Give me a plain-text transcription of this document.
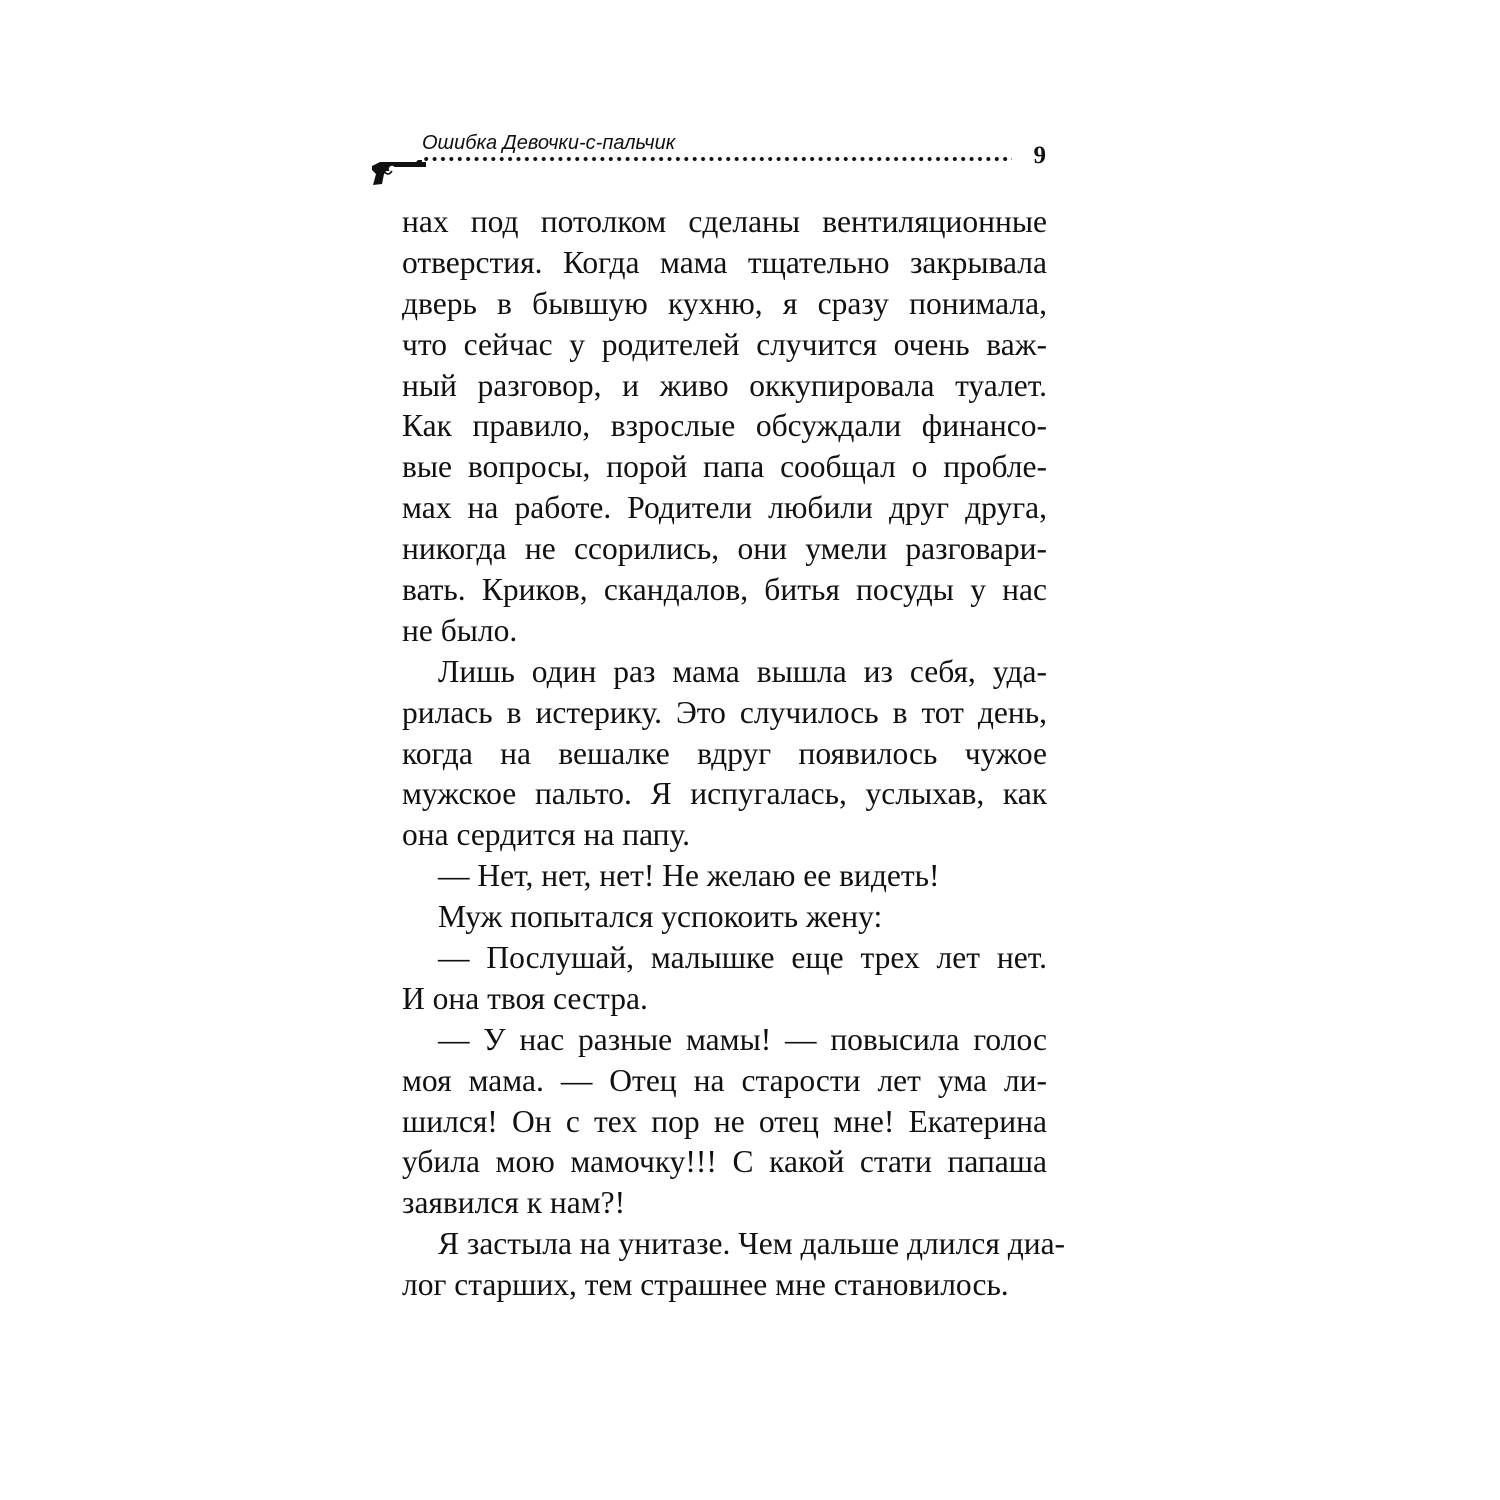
Ошибка Девочки-с-пальчик	9
нах под потолком сделаны вентиляционные
отверстия. Когда мама тщательно закрывала
дверь в бывшую кухню, я сразу понимала,
что сейчас у родителей случится очень важ-
ный разговор, и живо оккупировала туалет.
Как правило, взрослые обсуждали финансо-
вые вопросы, порой папа сообщал о пробле-
мах на работе. Родители любили друг друга,
никогда не ссорились, они умели разговари-
вать. Криков, скандалов, битья посуды у нас
не было.
Лишь один раз мама вышла из себя, уда-
рилась в истерику. Это случилось в тот день,
когда на вешалке вдруг появилось чужое
мужское пальто. Я испугалась, услыхав, как
она сердится на папу.
— Нет, нет, нет! Не желаю ее видеть!
Муж попытался успокоить жену:
— Послушай, малышке еще трех лет нет.
И она твоя сестра.
— У нас разные мамы! — повысила голос
моя мама. — Отец на старости лет ума ли-
шился! Он с тех пор не отец мне! Екатерина
убила мою мамочку!!! С какой стати папаша
заявился к нам?!
Я застыла на унитазе. Чем дальше длился диа-
лог старших, тем страшнее мне становилось.
